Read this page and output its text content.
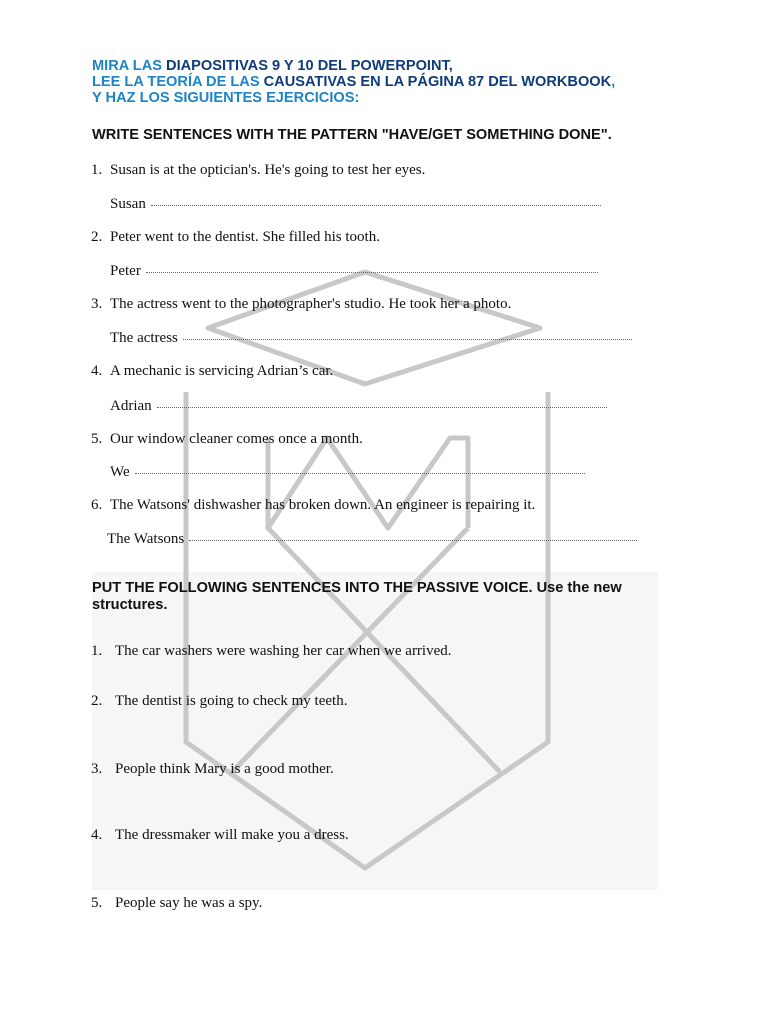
MIRA LAS DIAPOSITIVAS 9 Y 10 DEL POWERPOINT,
LEE LA TEORÍA DE LAS CAUSATIVAS EN LA PÁGINA 87 DEL WORKBOOK,
Y HAZ LOS SIGUIENTES EJERCICIOS:
WRITE SENTENCES WITH THE PATTERN "HAVE/GET SOMETHING DONE".
1. Susan is at the optician's. He's going to test her eyes.
Susan
2. Peter went to the dentist. She filled his tooth.
Peter
3. The actress went to the photographer's studio. He took her a photo.
The actress
4. A mechanic is servicing Adrian’s car.
Adrian
5. Our window cleaner comes once a month.
We
6. The Watsons' dishwasher has broken down. An engineer is repairing it.
The Watsons
PUT THE FOLLOWING SENTENCES INTO THE PASSIVE VOICE. Use the new structures.
1. The car washers were washing her car when we arrived.
2. The dentist is going to check my teeth.
3. People think Mary is a good mother.
4. The dressmaker will make you a dress.
5. People say he was a spy.
